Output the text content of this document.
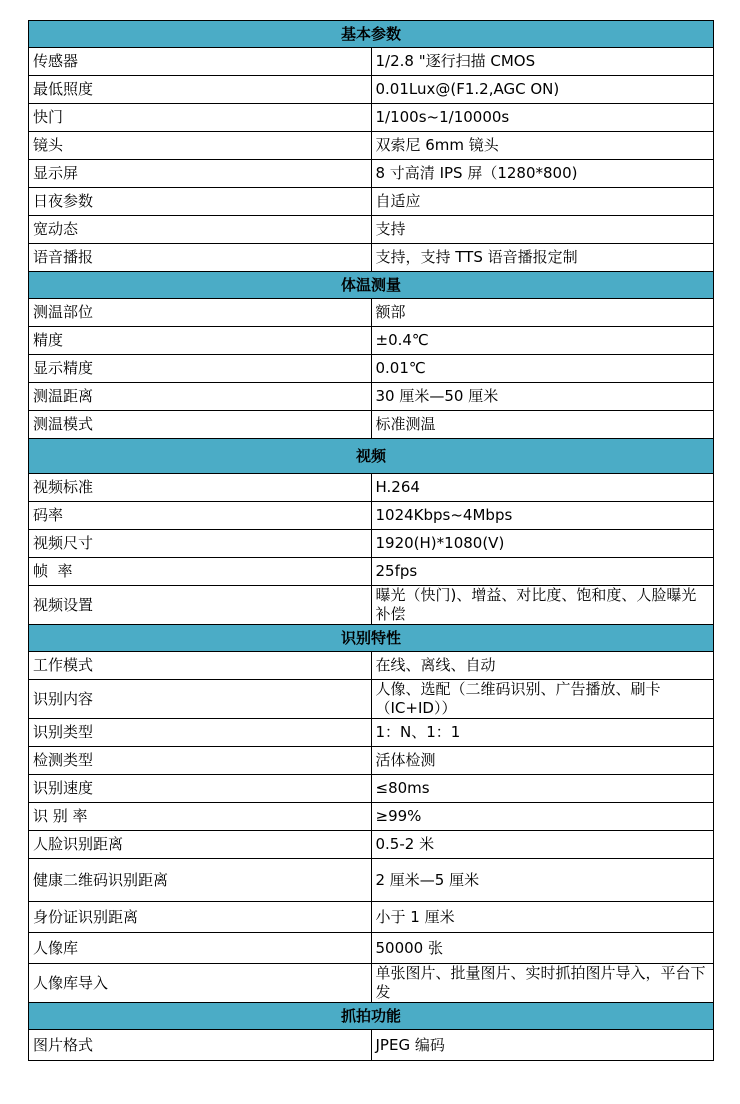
基本参数	
传感器	1/2.8 "逐行扫描 CMOS
最低照度	0.01Lux@(F1.2,AGC ON)
快门	1/100s~1/10000s
镜头	双索尼 6mm 镜头
显示屏	8 寸高清 IPS 屏（1280*800)
日夜参数	自适应
宽动态	支持
语音播报	支持，支持 TTS 语音播报定制
体温测量	
测温部位	额部
精度	±0.4℃
显示精度	0.01℃
测温距离	30 厘米—50 厘米
测温模式	标准测温
视频	
视频标准	H.264
码率	1024Kbps~4Mbps
视频尺寸	1920(H)*1080(V)
帧  率	25fps
视频设置	曝光（快门)、增益、对比度、饱和度、人脸曝光补偿
识别特性	
工作模式	在线、离线、自动
识别内容	人像、选配（二维码识别、广告播放、刷卡（IC+ID））
识别类型	1：N、1：1
检测类型	活体检测
识别速度	≤80ms
识 别 率	≥99%
人脸识别距离	0.5-2 米
健康二维码识别距离	2 厘米—5 厘米
身份证识别距离	小于 1 厘米
人像库	50000 张
人像库导入	单张图片、批量图片、实时抓拍图片导入，平台下发
抓拍功能	
图片格式	JPEG 编码
